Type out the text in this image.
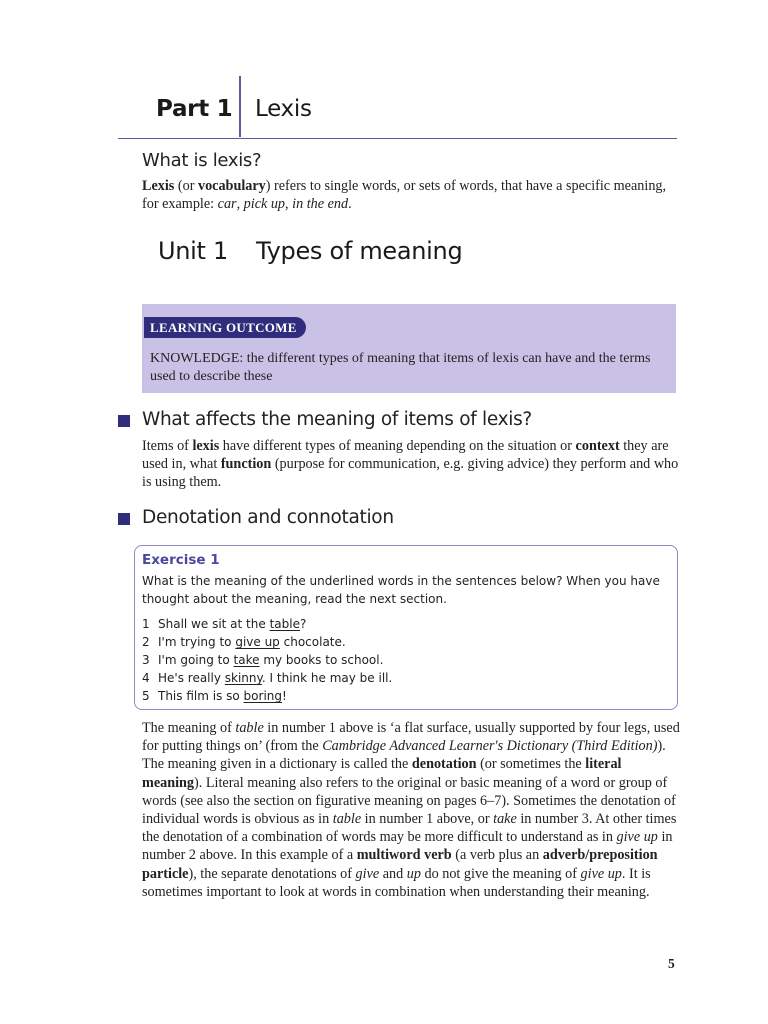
Part 1 Lexis
What is lexis?
Lexis (or vocabulary) refers to single words, or sets of words, that have a specific meaning, for example: car, pick up, in the end.
Unit 1 Types of meaning
LEARNING OUTCOME
KNOWLEDGE: the different types of meaning that items of lexis can have and the terms used to describe these
What affects the meaning of items of lexis?
Items of lexis have different types of meaning depending on the situation or context they are used in, what function (purpose for communication, e.g. giving advice) they perform and who is using them.
Denotation and connotation
Exercise 1
What is the meaning of the underlined words in the sentences below? When you have thought about the meaning, read the next section.
1 Shall we sit at the table?
2 I'm trying to give up chocolate.
3 I'm going to take my books to school.
4 He's really skinny. I think he may be ill.
5 This film is so boring!
The meaning of table in number 1 above is ‘a flat surface, usually supported by four legs, used for putting things on’ (from the Cambridge Advanced Learner's Dictionary (Third Edition)). The meaning given in a dictionary is called the denotation (or sometimes the literal meaning). Literal meaning also refers to the original or basic meaning of a word or group of words (see also the section on figurative meaning on pages 6–7). Sometimes the denotation of individual words is obvious as in table in number 1 above, or take in number 3. At other times the denotation of a combination of words may be more difficult to understand as in give up in number 2 above. In this example of a multiword verb (a verb plus an adverb/preposition particle), the separate denotations of give and up do not give the meaning of give up. It is sometimes important to look at words in combination when understanding their meaning.
5
